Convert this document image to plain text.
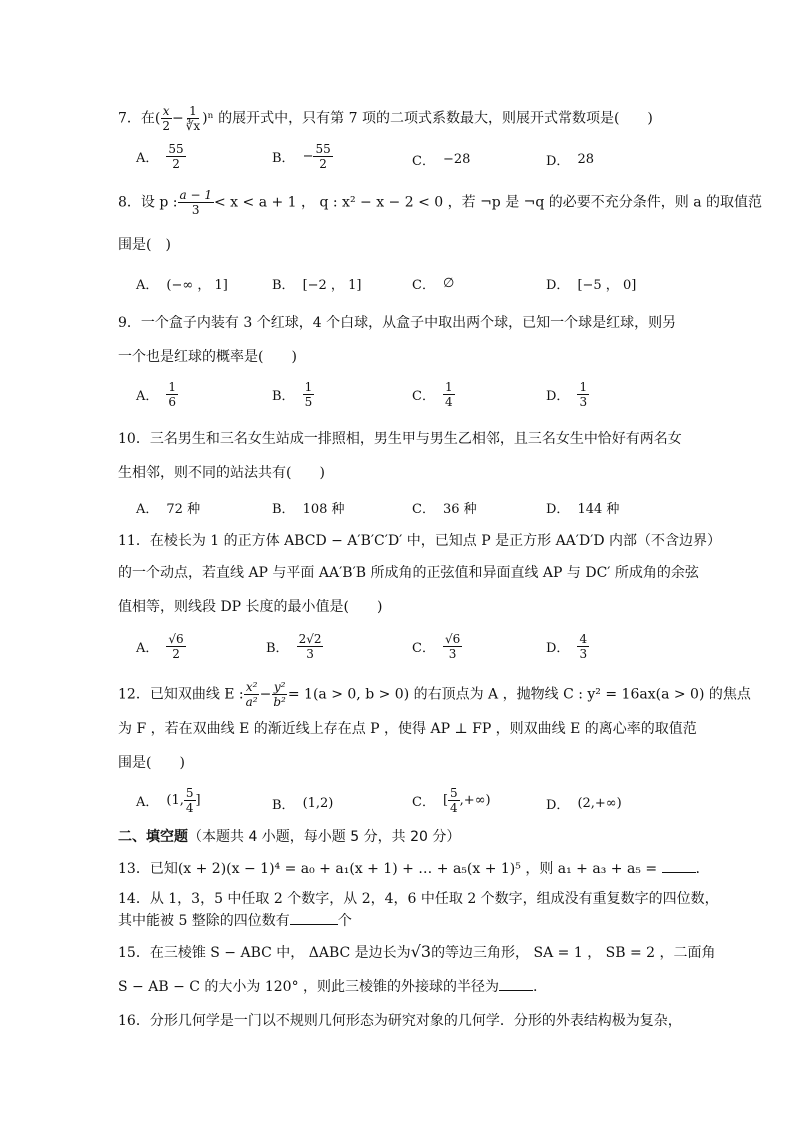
7．在( $\frac{x}{2} - \frac{1}{∛x} )^n$ 的展开式中，只有第 7 项的二项式系数最大，则展开式常数项是(　　)
A． $\frac{55}{2}$	B． − $\frac{55}{2}$	C． −28	D． 28
8．设 p : $\frac{a - 1}{3} < x < a + 1$ ， q : x² − x − 2 < 0 ，若 ¬p 是 ¬q 的必要不充分条件，则 a 的取值范
围是(　)
A． (−∞ ， 1]	B． [−2 ， 1]	C． ∅	D． [−5 ， 0]
9．一个盒子内装有 3 个红球，4 个白球，从盒子中取出两个球，已知一个球是红球，则另
一个也是红球的概率是(　　)
A． $\frac{1}{6}$	B． $\frac{1}{5}$	C． $\frac{1}{4}$	D． $\frac{1}{3}$
10．三名男生和三名女生站成一排照相，男生甲与男生乙相邻，且三名女生中恰好有两名女
生相邻，则不同的站法共有(　　)
A． 72 种	B． 108 种	C． 36 种	D． 144 种
11．在棱长为 1 的正方体 ABCD − A′B′C′D′ 中，已知点 P 是正方形 AA′D′D 内部（不含边界）
的一个动点，若直线 AP 与平面 AA′B′B 所成角的正弦值和异面直线 AP 与 DC′ 所成角的余弦
值相等，则线段 DP 长度的最小值是(　　)
A． $\frac{√6}{2}$	B． $\frac{2√2}{3}$	C． $\frac{√6}{3}$	D． $\frac{4}{3}$
12．已知双曲线 E : $\frac{\text{x²}}{\text{a²}} - \frac{\text{y²}}{\text{b²}} = 1(a > 0$, b > 0) 的右顶点为 A ，抛物线 C : y² = 16ax(a > 0) 的焦点
为 F ，若在双曲线 E 的渐近线上存在点 P ，使得 AP ⊥ FP ，则双曲线 E 的离心率的取值范
围是(　　)
A． (1, $\frac{5}{4}$ ]	B． (1,2)	C． [ $\frac{5}{4}$ ,+∞)	D． (2,+∞)
二、填空题（本题共 4 小题，每小题 5 分，共 20 分）
13．已知(x + 2)(x − 1)⁴ = a₀ + a₁(x + 1) + … + a₅(x + 1)⁵ ，则 a₁ + a₃ + a₅ =	.
14．从 1，3，5 中任取 2 个数字，从 2，4，6 中任取 2 个数字，组成没有重复数字的四位数，
其中能被 5 整除的四位数有	个
15．在三棱锥 S − ABC 中， ΔABC 是边长为√3的等边三角形， SA = 1 ， SB = 2 ，二面角
S − AB − C 的大小为 120° ，则此三棱锥的外接球的半径为 .
16．分形几何学是一门以不规则几何形态为研究对象的几何学．分形的外表结构极为复杂，
